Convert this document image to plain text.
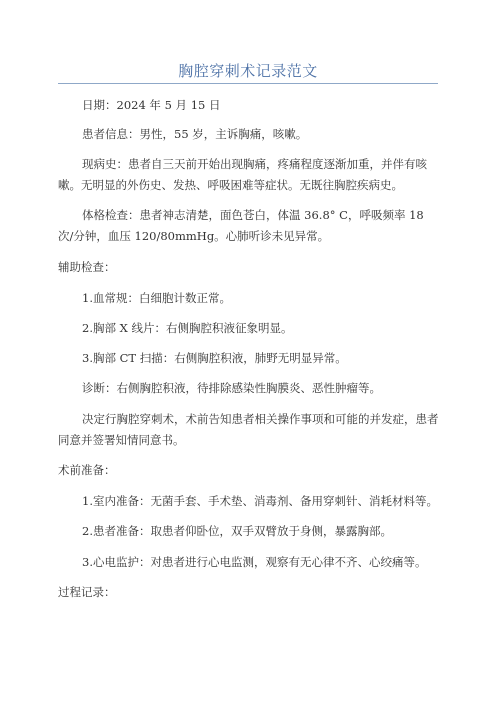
胸腔穿刺术记录范文
日期：2024 年 5 月 15 日
患者信息：男性，55 岁，主诉胸痛，咳嗽。
现病史：患者自三天前开始出现胸痛，疼痛程度逐渐加重，并伴有咳嗽。无明显的外伤史、发热、呼吸困难等症状。无既往胸腔疾病史。
体格检查：患者神志清楚，面色苍白，体温 36.8° C，呼吸频率 18 次/分钟，血压 120/80mmHg。心肺听诊未见异常。
辅助检查：
1.血常规：白细胞计数正常。
2.胸部 X 线片：右侧胸腔积液征象明显。
3.胸部 CT 扫描：右侧胸腔积液，肺野无明显异常。
诊断：右侧胸腔积液，待排除感染性胸膜炎、恶性肿瘤等。
决定行胸腔穿刺术，术前告知患者相关操作事项和可能的并发症，患者同意并签署知情同意书。
术前准备：
1.室内准备：无菌手套、手术垫、消毒剂、备用穿刺针、消耗材料等。
2.患者准备：取患者仰卧位，双手双臂放于身侧，暴露胸部。
3.心电监护：对患者进行心电监测，观察有无心律不齐、心绞痛等。
过程记录：
